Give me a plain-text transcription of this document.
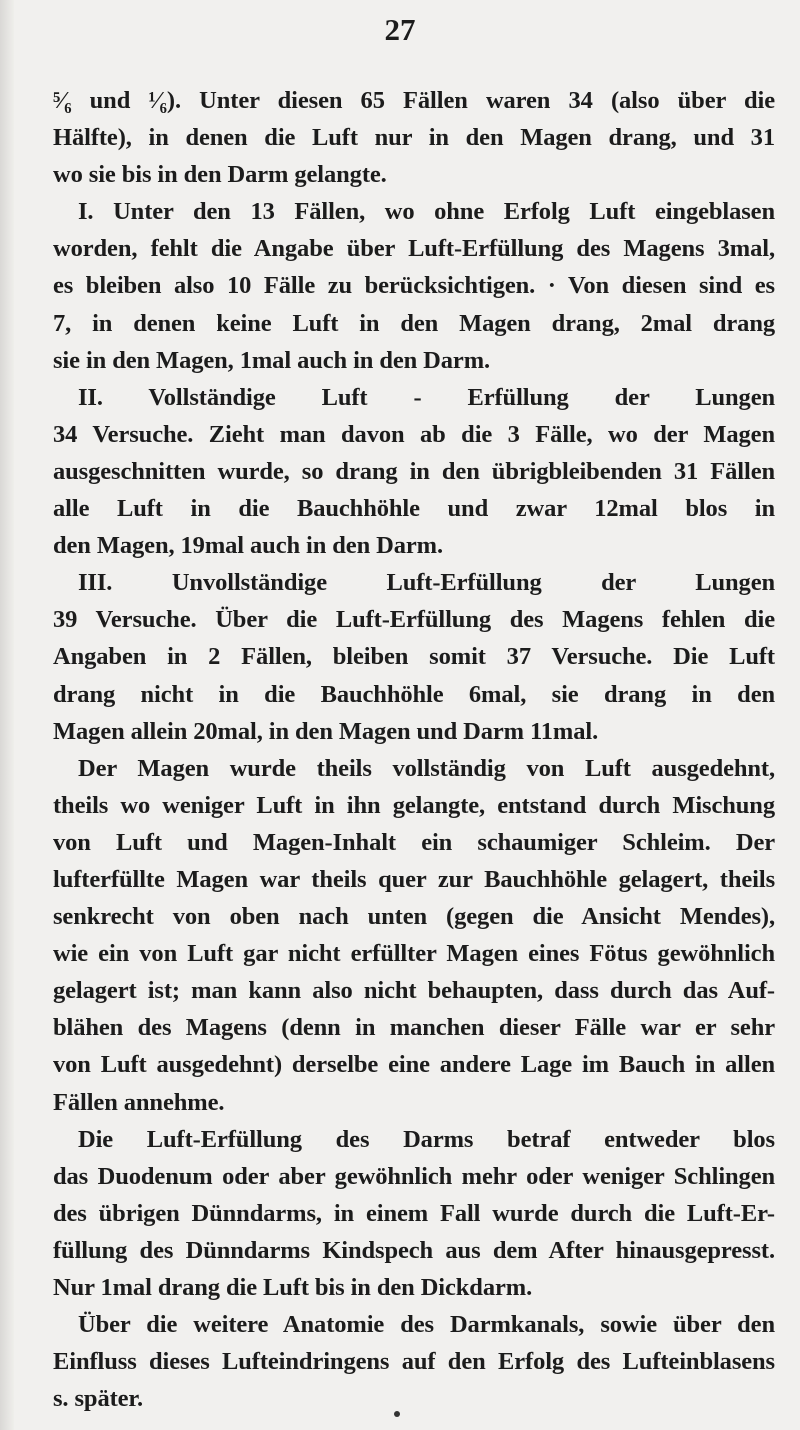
27
⁵⁄₆ und ¹⁄₆). Unter diesen 65 Fällen waren 34 (also über die
Hälfte), in denen die Luft nur in den Magen drang, und 31
wo sie bis in den Darm gelangte.
I. Unter den 13 Fällen, wo ohne Erfolg Luft eingeblasen
worden, fehlt die Angabe über Luft-Erfüllung des Magens 3mal,
es bleiben also 10 Fälle zu berücksichtigen. · Von diesen sind es
7, in denen keine Luft in den Magen drang, 2mal drang
sie in den Magen, 1mal auch in den Darm.
II. Vollständige Luft - Erfüllung der Lungen
34 Versuche. Zieht man davon ab die 3 Fälle, wo der Magen
ausgeschnitten wurde, so drang in den übrigbleibenden 31 Fällen
alle Luft in die Bauchhöhle und zwar 12mal blos in
den Magen, 19mal auch in den Darm.
III. Unvollständige Luft-Erfüllung der Lungen
39 Versuche. Über die Luft-Erfüllung des Magens fehlen die
Angaben in 2 Fällen, bleiben somit 37 Versuche. Die Luft
drang nicht in die Bauchhöhle 6mal, sie drang in den
Magen allein 20mal, in den Magen und Darm 11mal.
Der Magen wurde theils vollständig von Luft ausgedehnt,
theils wo weniger Luft in ihn gelangte, entstand durch Mischung
von Luft und Magen-Inhalt ein schaumiger Schleim. Der
lufterfüllte Magen war theils quer zur Bauchhöhle gelagert, theils
senkrecht von oben nach unten (gegen die Ansicht Mendes),
wie ein von Luft gar nicht erfüllter Magen eines Fötus gewöhnlich
gelagert ist; man kann also nicht behaupten, dass durch das Auf-
blähen des Magens (denn in manchen dieser Fälle war er sehr
von Luft ausgedehnt) derselbe eine andere Lage im Bauch in allen
Fällen annehme.
Die Luft-Erfüllung des Darms betraf entweder blos
das Duodenum oder aber gewöhnlich mehr oder weniger Schlingen
des übrigen Dünndarms, in einem Fall wurde durch die Luft-Er-
füllung des Dünndarms Kindspech aus dem After hinausgepresst.
Nur 1mal drang die Luft bis in den Dickdarm.
Über die weitere Anatomie des Darmkanals, sowie über den
Einfluss dieses Lufteindringens auf den Erfolg des Lufteinblasens
s. später.
